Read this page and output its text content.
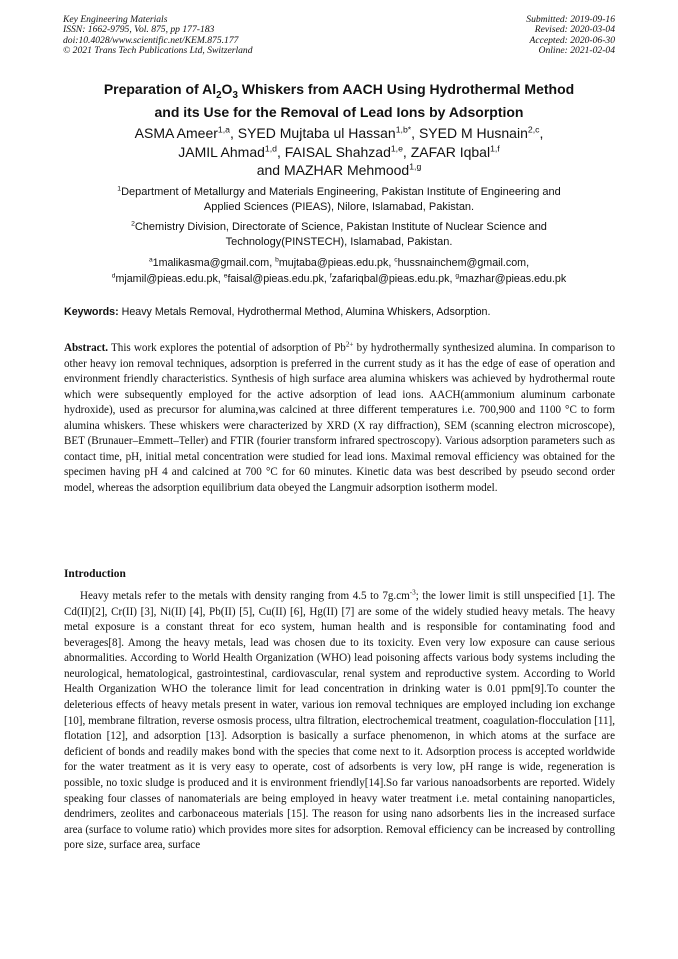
Key Engineering Materials
ISSN: 1662-9795, Vol. 875, pp 177-183
doi:10.4028/www.scientific.net/KEM.875.177
© 2021 Trans Tech Publications Ltd, Switzerland
Submitted: 2019-09-16
Revised: 2020-03-04
Accepted: 2020-06-30
Online: 2021-02-04
Preparation of $Al_2O_3$ Whiskers from AACH Using Hydrothermal Method
and its Use for the Removal of Lead Ions by Adsorption
ASMA Ameer$^{1,a}$, SYED Mujtaba ul Hassan$^{1,b*}$, SYED M Husnain$^{2,c}$,
JAMIL Ahmad$^{1,d}$, FAISAL Shahzad$^{1,e}$, ZAFAR Iqbal$^{1,f}$
and MAZHAR Mehmood$^{1,g}$
$^1$Department of Metallurgy and Materials Engineering, Pakistan Institute of Engineering and
Applied Sciences (PIEAS), Nilore, Islamabad, Pakistan.
$^2$Chemistry Division, Directorate of Science, Pakistan Institute of Nuclear Science and
Technology(PINSTECH), Islamabad, Pakistan.
$^a$1malikasma@gmail.com, $^b$mujtaba@pieas.edu.pk, $^c$hussnainchem@gmail.com,
$^d$mjamil@pieas.edu.pk, $^e$faisal@pieas.edu.pk, $^f$zafariqbal@pieas.edu.pk, $^g$mazhar@pieas.edu.pk
Keywords: Heavy Metals Removal, Hydrothermal Method, Alumina Whiskers, Adsorption.
Abstract. This work explores the potential of adsorption of $Pb^{2+}$ by hydrothermally synthesized alumina. In comparison to other heavy ion removal techniques, adsorption is preferred in the current study as it has the edge of ease of operation and environment friendly characteristics. Synthesis of high surface area alumina whiskers was achieved by hydrothermal route which were subsequently employed for the active adsorption of lead ions. AACH(ammonium aluminum carbonate hydroxide), used as precursor for alumina,was calcined at three different temperatures i.e. 700,900 and 1100 °C to form alumina whiskers. These whiskers were characterized by XRD (X ray diffraction), SEM (scanning electron microscope), BET (Brunauer–Emmett–Teller) and FTIR (fourier transform infrared spectroscopy). Various adsorption parameters such as contact time, pH, initial metal concentration were studied for lead ions. Maximal removal efficiency was obtained for the specimen having pH 4 and calcined at 700 °C for 60 minutes. Kinetic data was best described by pseudo second order model, whereas the adsorption equilibrium data obeyed the Langmuir adsorption isotherm model.
Introduction
Heavy metals refer to the metals with density ranging from 4.5 to $7g.cm^{-3}$; the lower limit is still unspecified [1]. The Cd(II)[2], Cr(II) [3], Ni(II) [4], Pb(II) [5], Cu(II) [6], Hg(II) [7] are some of the widely studied heavy metals. The heavy metal exposure is a constant threat for eco system, human health and is responsible for contaminating food and beverages[8]. Among the heavy metals, lead was chosen due to its toxicity. Even very low exposure can cause serious abnormalities. According to World Health Organization (WHO) lead poisoning affects various body systems including the neurological, hematological, gastrointestinal, cardiovascular, renal system and reproductive system. According to World Health Organization WHO the tolerance limit for lead concentration in drinking water is 0.01 ppm[9].To counter the deleterious effects of heavy metals present in water, various ion removal techniques are employed including ion exchange [10], membrane filtration, reverse osmosis process, ultra filtration, electrochemical treatment, coagulation-flocculation [11], flotation [12], and adsorption [13]. Adsorption is basically a surface phenomenon, in which atoms at the surface are deficient of bonds and readily makes bond with the species that come next to it. Adsorption process is accepted worldwide for the water treatment as it is very easy to operate, cost of adsorbents is very low, pH range is wide, regeneration is possible, no toxic sludge is produced and it is environment friendly[14].So far various nanoadsorbents are reported. Widely speaking four classes of nanomaterials are being employed in heavy water treatment i.e. metal containing nanoparticles, dendrimers, zeolites and carbonaceous materials [15]. The reason for using nano adsorbents lies in the increased surface area (surface to volume ratio) which provides more sites for adsorption. Removal efficiency can be increased by controlling pore size, surface area, surface
